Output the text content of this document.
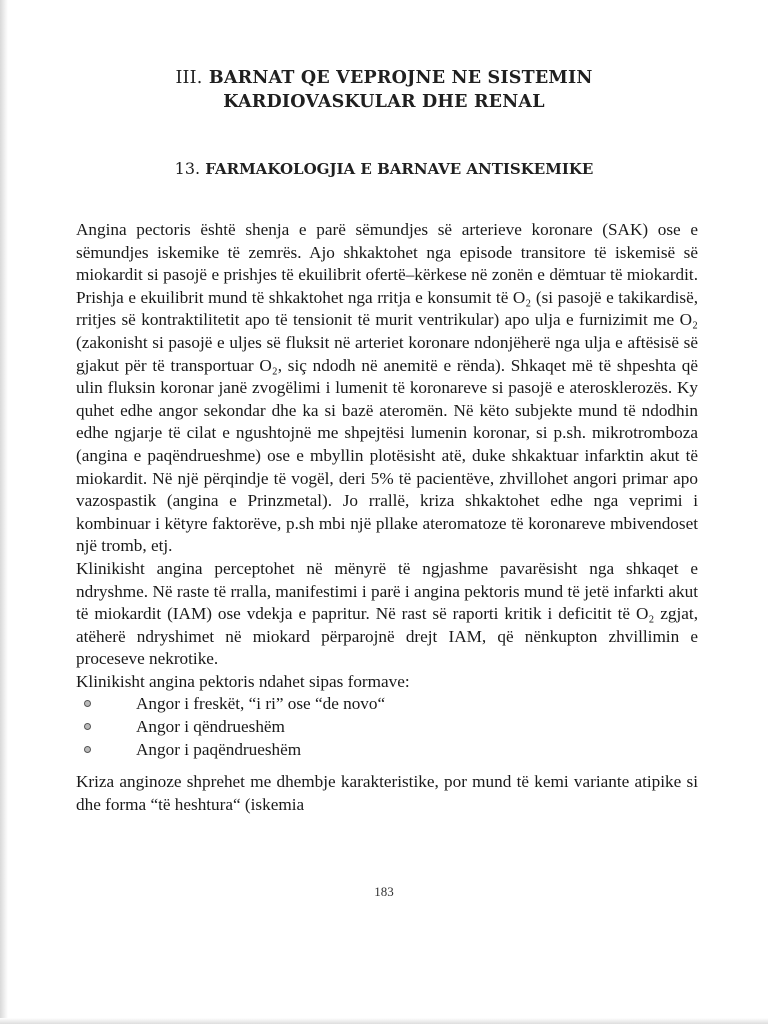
III. BARNAT QE VEPROJNE NE SISTEMIN
KARDIOVASKULAR DHE RENAL
13. FARMAKOLOGJIA E BARNAVE ANTISKEMIKE

Angina pectoris është shenja e parë sëmundjes së arterieve koronare (SAK) ose e sëmundjes iskemike të zemrës. Ajo shkaktohet nga episode transitore të iskemisë së miokardit si pasojë e prishjes të ekuilibrit ofertë–kërkese në zonën e dëmtuar të miokardit. Prishja e ekuilibrit mund të shkaktohet nga rritja e konsumit të O₂ (si pasojë e takikardisë, rritjes së kontraktilitetit apo të tensionit të murit ventrikular) apo ulja e furnizimit me O₂ (zakonisht si pasojë e uljes së fluksit në arteriet koronare ndonjëherë nga ulja e aftësisë së gjakut për të transportuar O₂, siç ndodh në anemitë e rënda). Shkaqet më të shpeshta që ulin fluksin koronar janë zvogëlimi i lumenit të koronareve si pasojë e aterosklerozës. Ky quhet edhe angor sekondar dhe ka si bazë ateromën. Në këto subjekte mund të ndodhin edhe ngjarje të cilat e ngushtojnë me shpejtësi lumenin koronar, si p.sh. mikrotromboza (angina e paqëndrueshme) ose e mbyllin plotësisht atë, duke shkaktuar infarktin akut të miokardit. Në një përqindje të vogël, deri 5% të pacientëve, zhvillohet angori primar apo vazospastik (angina e Prinzmetal). Jo rrallë, kriza shkaktohet edhe nga veprimi i kombinuar i këtyre faktorëve, p.sh mbi një pllake ateromatoze të koronareve mbivendoset një tromb, etj.

Klinikisht angina perceptohet në mënyrë të ngjashme pavarësisht nga shkaqet e ndryshme. Në raste të rralla, manifestimi i parë i angina pektoris mund të jetë infarkti akut të miokardit (IAM) ose vdekja e papritur. Në rast së raporti kritik i deficitit të O₂ zgjat, atëherë ndryshimet në miokard përparojnë drejt IAM, që nënkupton zhvillimin e proceseve nekrotike.

Klinikisht angina pektoris ndahet sipas formave:

Angor i freskët, “i ri” ose “de novo“
Angor i qëndrueshëm
Angor i paqëndrueshëm

Kriza anginoze shprehet me dhembje karakteristike, por mund të kemi variante atipike si dhe forma “të heshtura“ (iskemia

183
